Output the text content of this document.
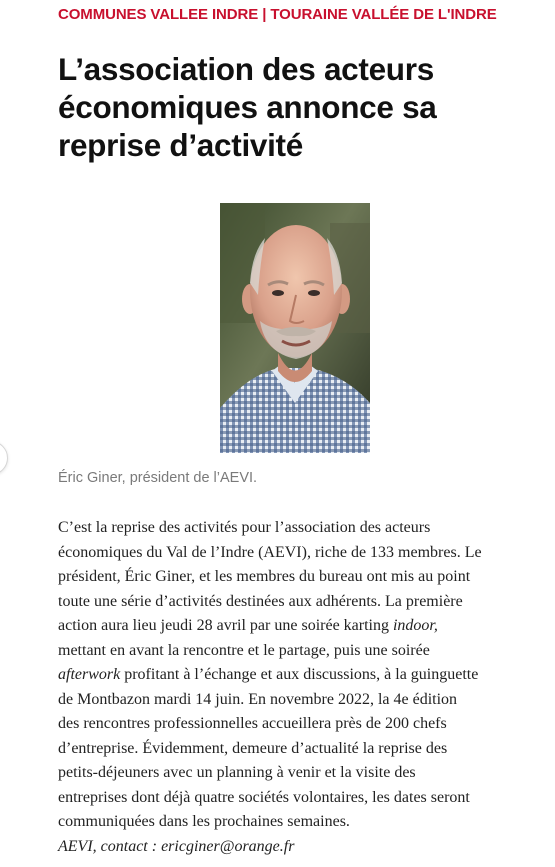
COMMUNES VALLEE INDRE | TOURAINE VALLÉE DE L'INDRE
L’association des acteurs économiques annonce sa reprise d’activité
Éric Giner, président de l’AEVI.

C’est la reprise des activités pour l’association des acteurs
économiques du Val de l’Indre (AEVI), riche de 133 membres. Le
président, Éric Giner, et les membres du bureau ont mis au point
toute une série d’activités destinées aux adhérents. La première
action aura lieu jeudi 28 avril par une soirée karting indoor,
mettant en avant la rencontre et le partage, puis une soirée
afterwork profitant à l’échange et aux discussions, à la guinguette
de Montbazon mardi 14 juin. En novembre 2022, la 4e édition
des rencontres professionnelles accueillera près de 200 chefs
d’entreprise. Évidemment, demeure d’actualité la reprise des
petits-déjeuners avec un planning à venir et la visite des
entreprises dont déjà quatre sociétés volontaires, les dates seront
communiquées dans les prochaines semaines.
AEVI, contact : ericginer@orange.fr
